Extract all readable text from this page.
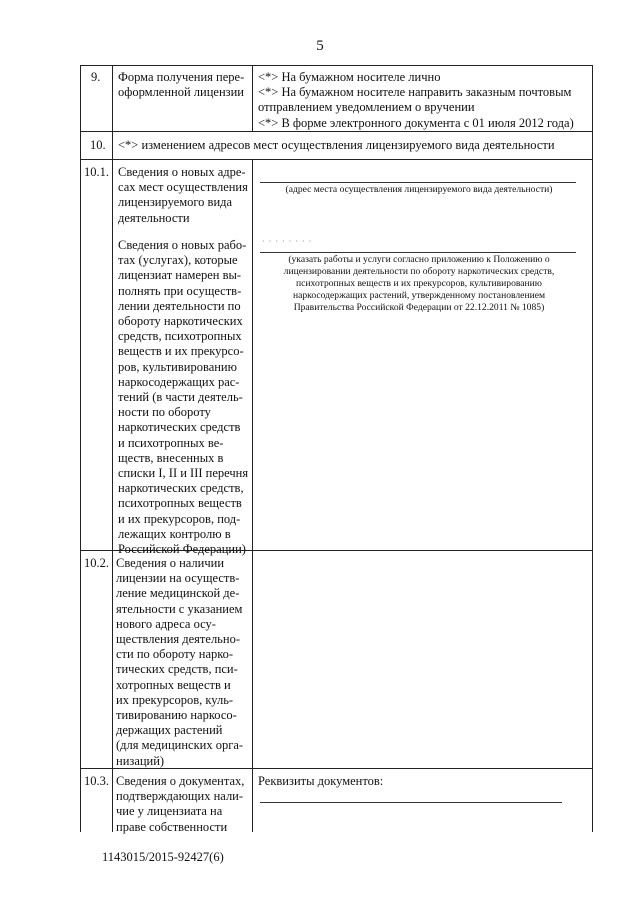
5
9. Форма получения пере-
оформленной лицензии
<*> На бумажном носителе лично
<*> На бумажном носителе направить заказным почтовым
отправлением уведомлением о вручении
<*> В форме электронного документа с 01 июля 2012 года)
10. <*> изменением адресов мест осуществления лицензируемого вида деятельности
10.1. Сведения о новых адре-
сах мест осуществления
лицензируемого вида
деятельности
Сведения о новых рабо-
тах (услугах), которые
лицензиат намерен вы-
полнять при осуществ-
лении деятельности по
обороту наркотических
средств, психотропных
веществ и их прекурсо-
ров, культивированию
наркосодержащих рас-
тений (в части деятель-
ности по обороту
наркотических средств
и психотропных ве-
ществ, внесенных в
списки I, II и III перечня
наркотических средств,
психотропных веществ
и их прекурсоров, под-
лежащих контролю в
Российской Федерации)
(адрес места осуществления лицензируемого вида деятельности)
· · · · · · · ·
(указать работы и услуги согласно приложению к Положению о
лицензировании деятельности по обороту наркотических средств,
психотропных веществ и их прекурсоров, культивированию
наркосодержащих растений, утвержденному постановлением
Правительства Российской Федерации от 22.12.2011 № 1085)
10.2. Сведения о наличии
лицензии на осуществ-
ление медицинской де-
ятельности с указанием
нового адреса осу-
ществления деятельно-
сти по обороту нарко-
тических средств, пси-
хотропных веществ и
их прекурсоров, куль-
тивированию наркосо-
держащих растений
(для медицинских орга-
низаций)
10.3. Сведения о документах,
подтверждающих нали-
чие у лицензиата на
праве собственности
Реквизиты документов:
1143015/2015-92427(6)
